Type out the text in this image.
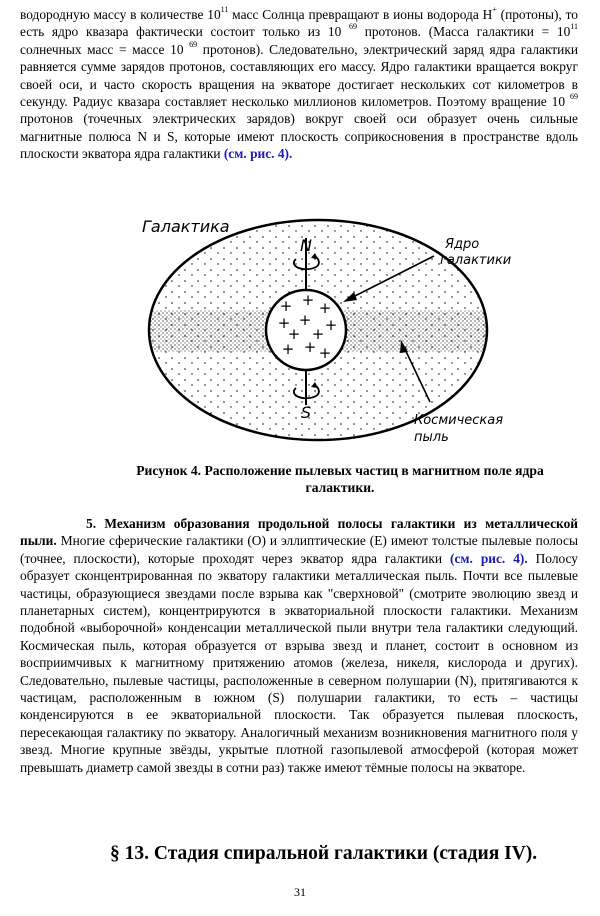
водородную массу в количестве $10^{11}$ масс Солнца превращают в ионы водорода Н+ (протоны), то есть ядро квазара фактически состоит только из 10 $^{69}$ протонов. (Масса галактики = $10^{11}$ солнечных масс = массе 10 $^{69}$ протонов). Следовательно, электрический заряд ядра галактики равняется сумме зарядов протонов, составляющих его массу. Ядро галактики вращается вокруг своей оси, и часто скорость вращения на экваторе достигает нескольких сот километров в секунду. Радиус квазара составляет несколько миллионов километров. Поэтому вращение 10 $^{69}$ протонов (точечных электрических зарядов) вокруг своей оси образует очень сильные магнитные полюса N и S, которые имеют плоскость соприкосновения в пространстве вдоль плоскости экватора ядра галактики (см. рис. 4).

+ + +
+ + +
+ +
+ + +
N
S
Галактика
Ядро
галактики
Космическая
пыль

Рисунок 4. Расположение пылевых частиц в магнитном поле ядра
галактики.

5. Механизм образования продольной полосы галактики из металлической пыли. Многие сферические галактики (О) и эллиптические (Е) имеют толстые пылевые полосы (точнее, плоскости), которые проходят через экватор ядра галактики (см. рис. 4). Полосу образует сконцентрированная по экватору галактики металлическая пыль. Почти все пылевые частицы, образующиеся звездами после взрыва как "сверхновой" (смотрите эволюцию звезд и планетарных систем), концентрируются в экваториальной плоскости галактики. Механизм подобной «выборочной» конденсации металлической пыли внутри тела галактики следующий. Космическая пыль, которая образуется от взрыва звезд и планет, состоит в основном из восприимчивых к магнитному притяжению атомов (железа, никеля, кислорода и других). Следовательно, пылевые частицы, расположенные в северном полушарии (N), притягиваются к частицам, расположенным в южном (S) полушарии галактики, то есть – частицы конденсируются в ее экваториальной плоскости. Так образуется пылевая плоскость, пересекающая галактику по экватору. Аналогичный механизм возникновения магнитного поля у звезд. Многие крупные звёзды, укрытые плотной газопылевой атмосферой (которая может превышать диаметр самой звезды в сотни раз) также имеют тёмные полосы на экваторе.

§ 13. Стадия спиральной галактики (стадия IV).
31
